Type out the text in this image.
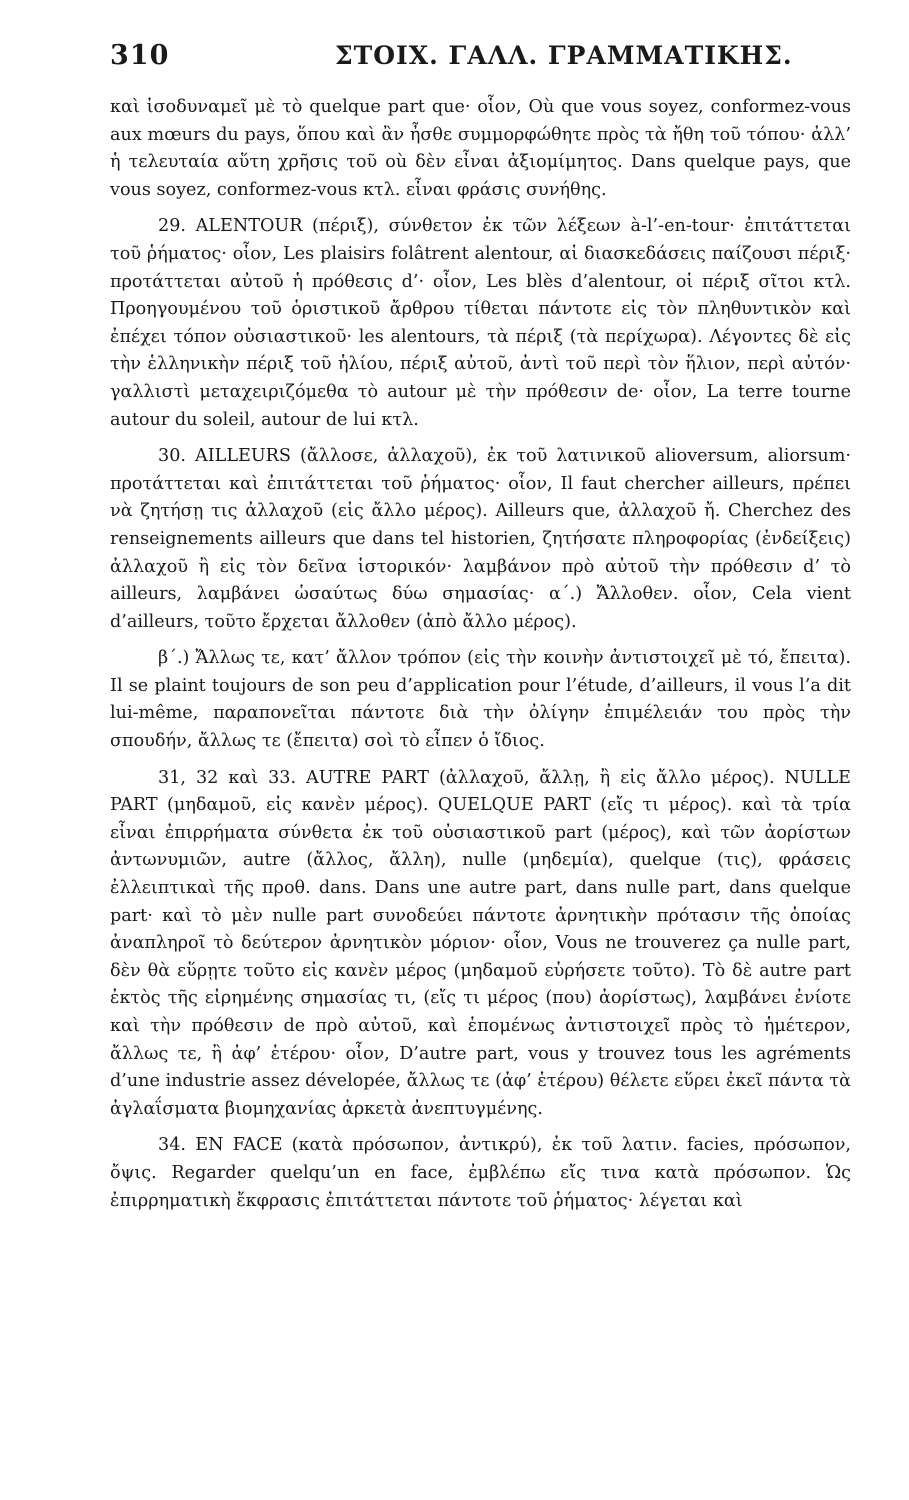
310	ΣΤΟΙΧ. ΓΑΛΛ. ΓΡΑΜΜΑΤΙΚΗΣ.

καὶ ἰσοδυναμεῖ μὲ τὸ quelque part que· οἷον, Où que vous soyez, conformez-vous aux mœurs du pays, ὅπου καὶ ἂν ἦσθε συμμορφώθητε πρὸς τὰ ἤθη τοῦ τόπου· ἀλλ’ ἡ τελευταία αὕτη χρῆσις τοῦ où δὲν εἶναι ἀξιομίμητος. Dans quelque pays, que vous soyez, conformez-vous κτλ. εἶναι φράσις συνήθης.

29. ALENTOUR (πέριξ), σύνθετον ἐκ τῶν λέξεων à-l’-en-tour· ἐπιτάττεται τοῦ ῥήματος· οἷον, Les plaisirs folâtrent alentour, αἱ διασκεδάσεις παίζουσι πέριξ· προτάττεται αὐτοῦ ἡ πρόθεσις d’· οἷον, Les blès d’alentour, οἱ πέριξ σῖτοι κτλ. Προηγουμένου τοῦ ὁριστικοῦ ἄρθρου τίθεται πάντοτε εἰς τὸν πληθυντικὸν καὶ ἐπέχει τόπον οὐσιαστικοῦ· les alentours, τὰ πέριξ (τὰ περίχωρα). Λέγοντες δὲ εἰς τὴν ἑλληνικὴν πέριξ τοῦ ἡλίου, πέριξ αὐτοῦ, ἀντὶ τοῦ περὶ τὸν ἥλιον, περὶ αὐτόν· γαλλιστὶ μεταχειριζόμεθα τὸ autour μὲ τὴν πρόθεσιν de· οἷον, La terre tourne autour du soleil, autour de lui κτλ.

30. AILLEURS (ἄλλοσε, ἀλλαχοῦ), ἐκ τοῦ λατινικοῦ alioversum, aliorsum· προτάττεται καὶ ἐπιτάττεται τοῦ ῥήματος· οἷον, Il faut chercher ailleurs, πρέπει νὰ ζητήσῃ τις ἀλλαχοῦ (εἰς ἄλλο μέρος). Ailleurs que, ἀλλαχοῦ ἤ. Cherchez des renseignements ailleurs que dans tel historien, ζητήσατε πληροφορίας (ἐνδείξεις) ἀλλαχοῦ ἢ εἰς τὸν δεῖνα ἱστορικόν· λαμβάνον πρὸ αὐτοῦ τὴν πρόθεσιν d’ τὸ ailleurs, λαμβάνει ὡσαύτως δύω σημασίας· α΄.) Ἄλλοθεν. οἷον, Cela vient d’ailleurs, τοῦτο ἔρχεται ἄλλοθεν (ἀπὸ ἄλλο μέρος).

β΄.) Ἄλλως τε, κατ’ ἄλλον τρόπον (εἰς τὴν κοινὴν ἀντιστοιχεῖ μὲ τό, ἔπειτα). Il se plaint toujours de son peu d’application pour l’étude, d’ailleurs, il vous l’a dit lui-même, παραπονεῖται πάντοτε διὰ τὴν ὀλίγην ἐπιμέλειάν του πρὸς τὴν σπουδήν, ἄλλως τε (ἔπειτα) σοὶ τὸ εἶπεν ὁ ἴδιος.

31, 32 καὶ 33. AUTRE PART (ἀλλαχοῦ, ἄλλῃ, ἢ εἰς ἄλλο μέρος). NULLE PART (μηδαμοῦ, εἰς κανὲν μέρος). QUELQUE PART (εἴς τι μέρος). καὶ τὰ τρία εἶναι ἐπιρρήματα σύνθετα ἐκ τοῦ οὐσιαστικοῦ part (μέρος), καὶ τῶν ἀορίστων ἀντωνυμιῶν, autre (ἄλλος, ἄλλη), nulle (μηδεμία), quelque (τις), φράσεις ἐλλειπτικαὶ τῆς προθ. dans. Dans une autre part, dans nulle part, dans quelque part· καὶ τὸ μὲν nulle part συνοδεύει πάντοτε ἀρνητικὴν πρότασιν τῆς ὁποίας ἀναπληροῖ τὸ δεύτερον ἀρνητικὸν μόριον· οἷον, Vous ne trouverez ça nulle part, δὲν θὰ εὕρῃτε τοῦτο εἰς κανὲν μέρος (μηδαμοῦ εὑρήσετε τοῦτο). Τὸ δὲ autre part ἐκτὸς τῆς εἰρημένης σημασίας τι, (εἴς τι μέρος (που) ἀορίστως), λαμβάνει ἐνίοτε καὶ τὴν πρόθεσιν de πρὸ αὐτοῦ, καὶ ἑπομένως ἀντιστοιχεῖ πρὸς τὸ ἡμέτερον, ἄλλως τε, ἢ ἀφ’ ἑτέρου· οἷον, D’autre part, vous y trouvez tous les agréments d’une industrie assez dévelopée, ἄλλως τε (ἀφ’ ἑτέρου) θέλετε εὕρει ἐκεῖ πάντα τὰ ἀγλαΐσματα βιομηχανίας ἀρκετὰ ἀνεπτυγμένης.

34. EN FACE (κατὰ πρόσωπον, ἀντικρύ), ἐκ τοῦ λατιν. facies, πρόσωπον, ὄψις. Regarder quelqu’un en face, ἐμβλέπω εἴς τινα κατὰ πρόσωπον. Ὡς ἐπιρρηματικὴ ἔκφρασις ἐπιτάττεται πάντοτε τοῦ ῥήματος· λέγεται καὶ
